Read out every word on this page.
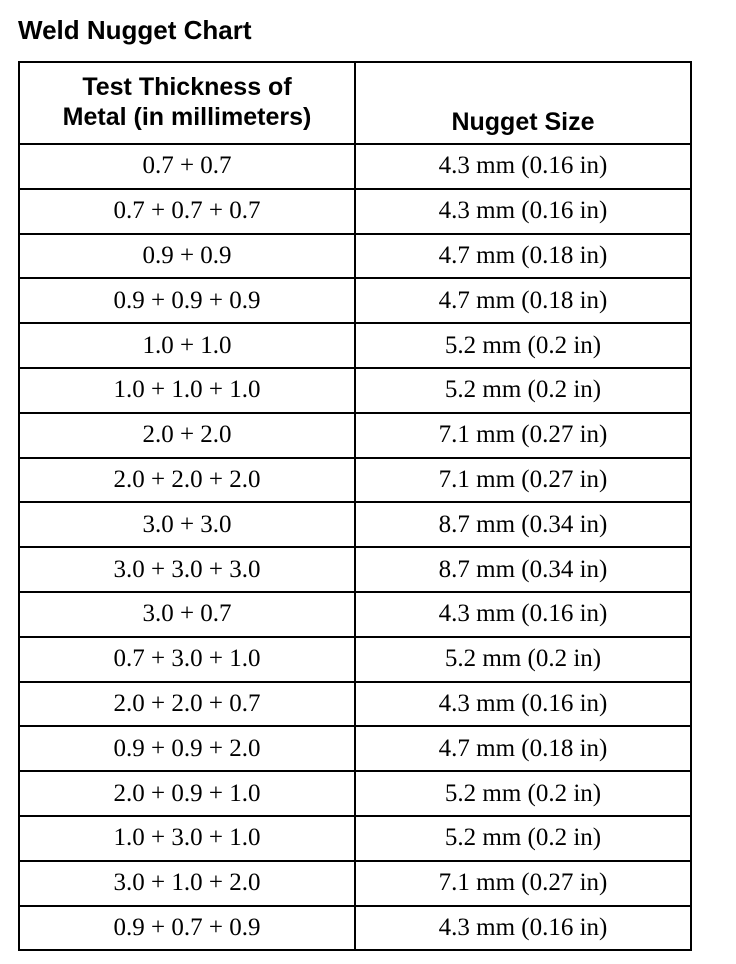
Weld Nugget Chart
Test Thickness of
Metal (in millimeters)	Nugget Size
0.7 + 0.7	4.3 mm (0.16 in)
0.7 + 0.7 + 0.7	4.3 mm (0.16 in)
0.9 + 0.9	4.7 mm (0.18 in)
0.9 + 0.9 + 0.9	4.7 mm (0.18 in)
1.0 + 1.0	5.2 mm (0.2 in)
1.0 + 1.0 + 1.0	5.2 mm (0.2 in)
2.0 + 2.0	7.1 mm (0.27 in)
2.0 + 2.0 + 2.0	7.1 mm (0.27 in)
3.0 + 3.0	8.7 mm (0.34 in)
3.0 + 3.0 + 3.0	8.7 mm (0.34 in)
3.0 + 0.7	4.3 mm (0.16 in)
0.7 + 3.0 + 1.0	5.2 mm (0.2 in)
2.0 + 2.0 + 0.7	4.3 mm (0.16 in)
0.9 + 0.9 + 2.0	4.7 mm (0.18 in)
2.0 + 0.9 + 1.0	5.2 mm (0.2 in)
1.0 + 3.0 + 1.0	5.2 mm (0.2 in)
3.0 + 1.0 + 2.0	7.1 mm (0.27 in)
0.9 + 0.7 + 0.9	4.3 mm (0.16 in)
